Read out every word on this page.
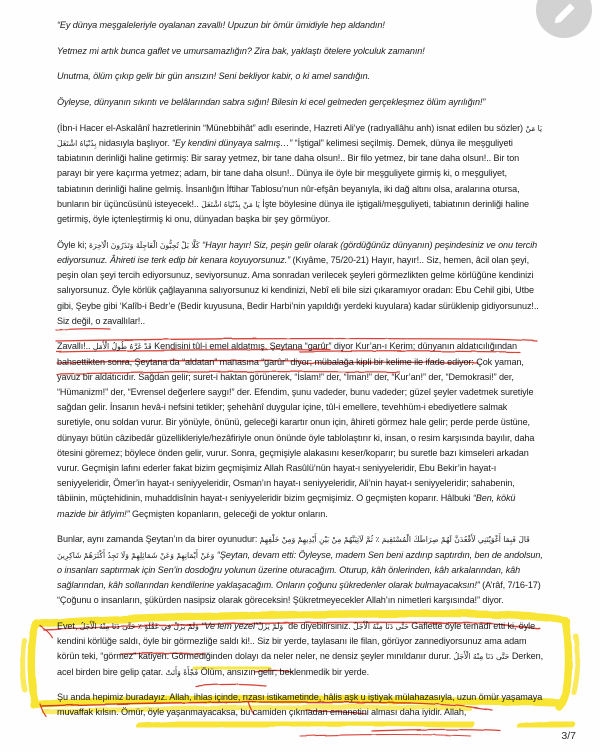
“Ey dünya meşgaleleriyle oyalanan zavallı! Upuzun bir ömür ümidiyle hep aldandın!

Yetmez mi artık bunca gaflet ve umursamazlığın? Zira bak, yaklaştı ötelere yolculuk zamanın!

Unutma, ölüm çıkıp gelir bir gün ansızın! Seni bekliyor kabir, o ki amel sandığın.

Öyleyse, dünyanın sıkıntı ve belâlarından sabra sığın! Bilesin ki ecel gelmeden gerçekleşmez ölüm ayrılığın!”

(İbn-i Hacer el-Askalânî hazretlerinin “Münebbihât” adlı eserinde, Hazreti Ali’ye (radıyallâhu anh) isnat edilen bu sözler) يَا مَنْ بِدُنْيَاهُ اشْتَغَلَ nidasıyla başlıyor. “Ey kendini dünyaya salmış…” “İştigal” kelimesi seçilmiş. Demek, dünya ile meşguliyeti tabiatının derinliği haline getirmiş: Bir saray yetmez, bir tane daha olsun!.. Bir filo yetmez, bir tane daha olsun!.. Bir ton parayı bir yere kaçırma yetmez; adam, bir tane daha olsun!.. Dünya ile öyle bir meşguliyete girmiş ki, o meşguliyet, tabiatının derinliği haline gelmiş. İnsanlığın İftihar Tablosu’nun nûr-efşân beyanıyla, iki dağ altını olsa, aralarına otursa, bunların bir üçüncüsünü isteyecek!.. يَا مَنْ بِدُنْيَاهُ اشْتَغَلَ İşte böylesine dünya ile iştigali/meşguliyeti, tabiatının derinliği haline getirmiş, öyle içtenleştirmiş ki onu, dünyadan başka bir şey görmüyor.

Öyle ki; كَلَّا بَلْ تُحِبُّونَ الْعَاجِلَةَ وَتَذَرُونَ الْآخِرَةَ “Hayır hayır! Siz, peşin gelir olarak (gördüğünüz dünyanın) peşindesiniz ve onu tercih ediyorsunuz. Âhireti ise terk edip bir kenara koyuyorsunuz.” (Kıyâme, 75/20-21) Hayır, hayır!.. Siz, hemen, âcil olan şeyi, peşin olan şeyi tercih ediyorsunuz, seviyorsunuz. Ama sonradan verilecek şeyleri görmezlikten gelme körlüğüne kendinizi salıyorsunuz. Öyle körlük çağlayanına salıyorsunuz ki kendinizi, Nebî eli bile sizi çıkaramıyor oradan: Ebu Cehil gibi, Utbe gibi, Şeybe gibi ‘Kalîb-i Bedr’e (Bedir kuyusuna, Bedir Harbi’nin yapıldığı yerdeki kuyulara) kadar sürüklenip gidiyorsunuz!.. Siz değil, o zavallılar!..

Zavallı!.. قَدْ غَرَّهُ طُولُ الْأَمَلِ Kendisini tûl-i emel aldatmış. Şeytana “garûr” diyor Kur’an-ı Kerim; dünyanın aldatıcılığından bahsettikten sonra, Şeytana da “aldatan” manasına “garûr” diyor; mübalağa kipli bir kelime ile ifade ediyor: Çok yaman, yavuz bir aldatıcıdır. Sağdan gelir; suret-i haktan görünerek, “İslam!” der, “İman!” der, “Kur’an!” der, “Demokrasi!” der, “Hümanizm!” der, “Evrensel değerlere saygı!” der. Efendim, şunu vadeder, bunu vadeder; güzel şeyler vadetmek suretiyle sağdan gelir. İnsanın hevâ-i nefsini tetikler; şehehânî duygular içine, tûl-i emellere, tevehhüm-i ebediyetlere salmak suretiyle, onu soldan vurur. Bir yönüyle, önünü, geleceği karartır onun için, âhireti görmez hale gelir; perde perde üstüne, dünyayı bütün câzibedâr güzellikleriyle/hezâfiriyle onun önünde öyle tablolaştırır ki, insan, o resim karşısında bayılır, daha ötesini göremez; böylece önden gelir, vurur. Sonra, geçmişiyle alakasını keser/koparır; bu suretle bazı kimseleri arkadan vurur. Geçmişin lafını ederler fakat bizim geçmişimiz Allah Rasûlü’nün hayat-ı seniyyeleridir, Ebu Bekir’in hayat-ı seniyyeleridir, Ömer’in hayat-ı seniyyeleridir, Osman’ın hayat-ı seniyyeleridir, Ali’nin hayat-ı seniyyeleridir; sahabenin, tâbiinin, müçtehidinin, muhaddisînin hayat-ı seniyyeleridir bizim geçmişimiz. O geçmişten koparır. Hâlbuki “Ben, kökü mazide bir âtîyim!” Geçmişten kopanların, geleceği de yoktur onların.

Bunlar, aynı zamanda Şeytan’ın da birer oyunudur: قَالَ فَبِمَا أَغْوَيْتَنِي لَأَقْعُدَنَّ لَهُمْ صِرَاطَكَ الْمُسْتَقِيمَ ٪ ثُمَّ لَآتِيَنَّهُمْ مِنْ بَيْنِ أَيْدِيهِمْ وَمِنْ خَلْفِهِمْ وَعَنْ أَيْمَانِهِمْ وَعَنْ شَمَائِلِهِمْ وَلَا تَجِدُ أَكْثَرَهُمْ شَاكِرِينَ “Şeytan, devam etti: Öyleyse, madem Sen beni azdırıp saptırdın, ben de andolsun, o insanları saptırmak için Sen’in dosdoğru yolunun üzerine oturacağım. Oturup, kâh önlerinden, kâh arkalarından, kâh sağlarından, kâh sollarından kendilerine yaklaşacağım. Onların çoğunu şükredenler olarak bulmayacaksın!” (A’râf, 7/16-17) “Çoğunu o insanların, şükürden nasipsiz olarak göreceksin! Şükretmeyecekler Allah’ın nimetleri karşısında!” diyor.

Evet, وَلَمْ يَزَلْ فِي غَفْلَةٍ ٪ حَتَّى دَنَا مِنْهُ الْأَجَلُ “Ve lem yezel” وَلَمْ يَزَلْ de diyebilirsiniz. حَتَّى دَنَا مِنْهُ الْأَجَلُ Gaflette öyle temâdî etti ki, öyle kendini körlüğe saldı, öyle bir görmezliğe saldı ki!.. Siz bir yerde, taylasanı ile filan, görüyor zannediyorsunuz ama adam körün teki, “görmez” katiyen. Görmediğinden dolayı da neler neler, ne densiz şeyler mınıldanır durur. حَتَّى دَنَا مِنْهُ الْأَجَلُ Derken, acel birden bire gelip çatar. فَجْأَةً وَأَتَتْ Ölüm, ansızın gelir; beklenmedik bir yerde.

Şu anda hepimiz buradayız. Allah, ihlas içinde, rızası istikametinde, hâlis aşk u iştiyak mülahazasıyla, uzun ömür yaşamaya muvaffak kılsın. Ömür, öyle yaşanmayacaksa, bu camiden çıkmadan emanetini alması daha iyidir. Allah,

3/7
